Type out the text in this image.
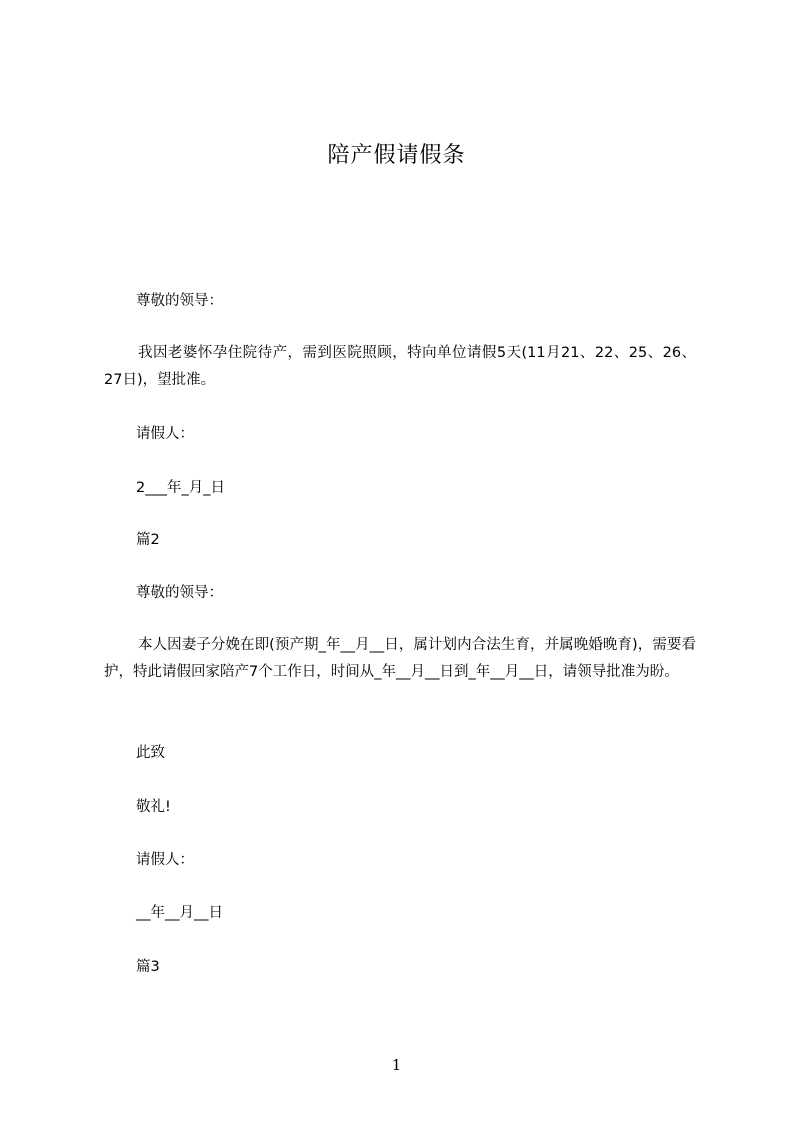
陪产假请假条
尊敬的领导：
我因老婆怀孕住院待产，需到医院照顾，特向单位请假5天(11月21、22、25、26、27日)，望批准。
请假人：
2___年_月_日
篇2
尊敬的领导：
本人因妻子分娩在即(预产期_年__月__日，属计划内合法生育，并属晚婚晚育)，需要看护，特此请假回家陪产7个工作日，时间从_年__月__日到_年__月__日，请领导批准为盼。
此致
敬礼!
请假人：
__年__月__日
篇3
1
